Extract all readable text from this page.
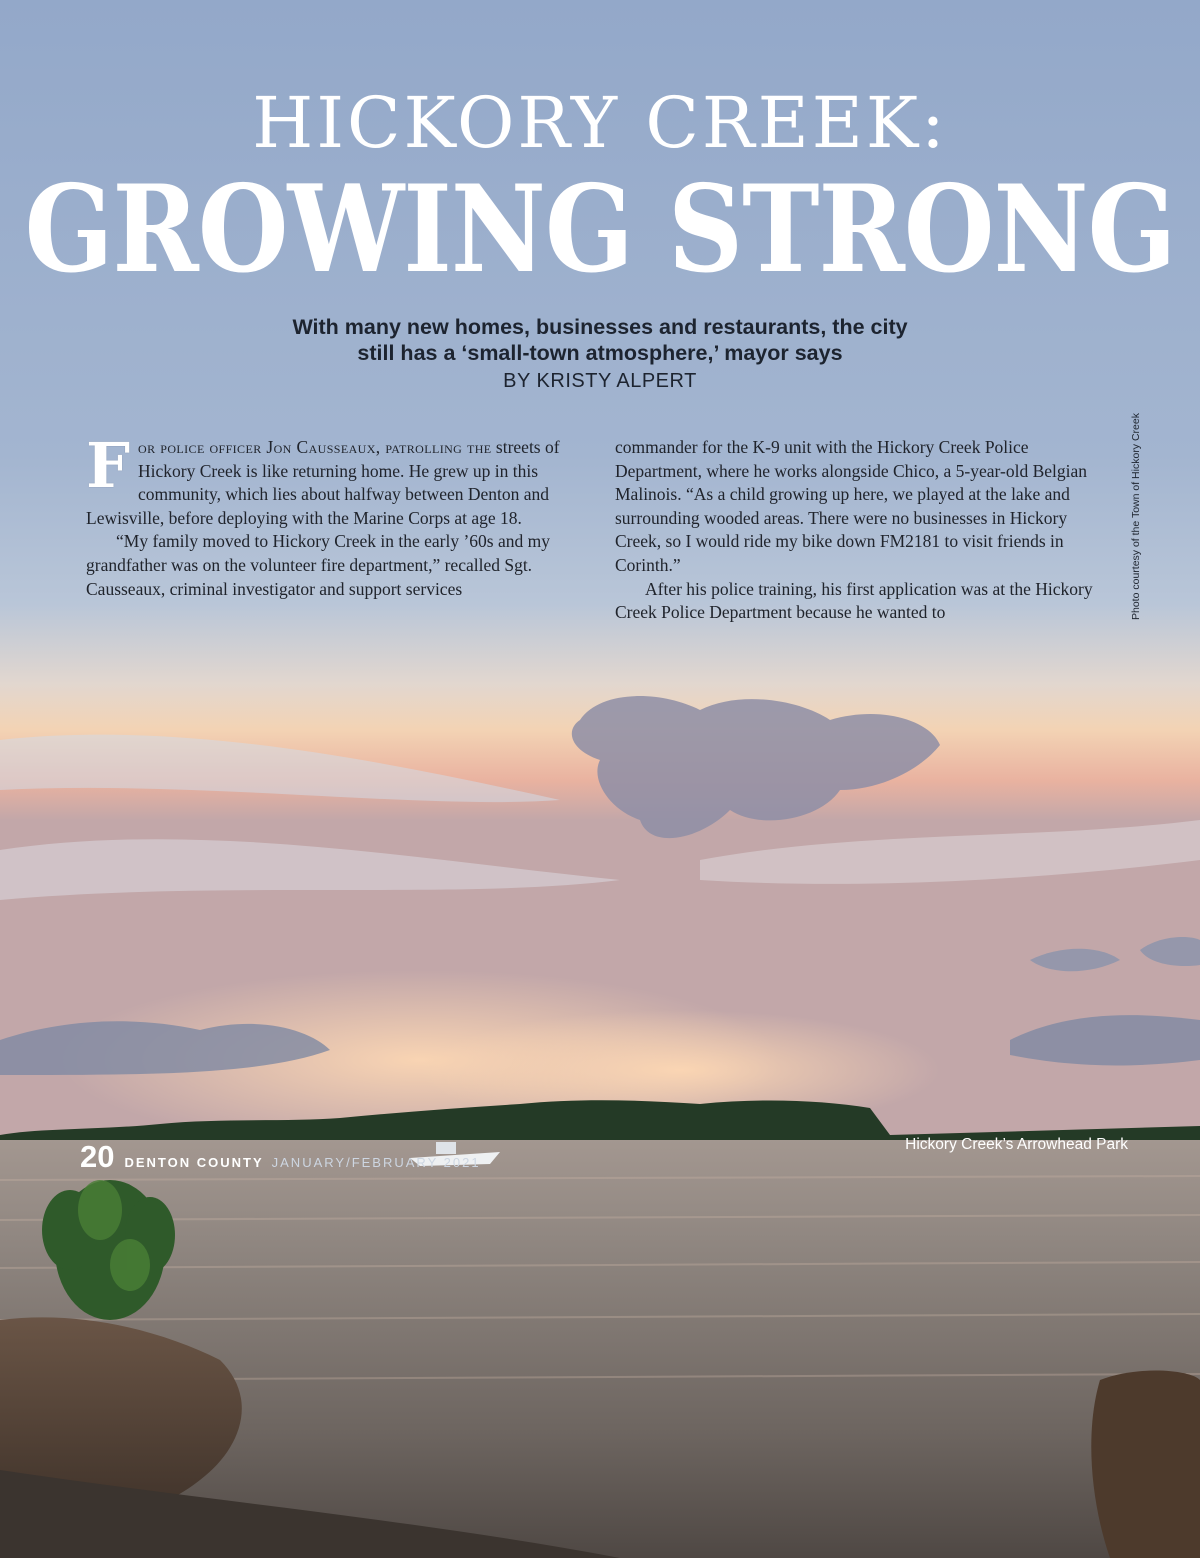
HICKORY CREEK:
GROWING STRONG
With many new homes, businesses and restaurants, the city
still has a ‘small-town atmosphere,’ mayor says
BY KRISTY ALPERT

For police officer Jon Causseaux, patrolling the streets of Hickory Creek is like returning home. He grew up in this community, which lies about halfway between Denton and Lewisville, before deploying with the Marine Corps at age 18.

“My family moved to Hickory Creek in the early ’60s and my grandfather was on the volunteer fire department,” recalled Sgt. Causseaux, criminal investigator and support services

commander for the K-9 unit with the Hickory Creek Police Department, where he works alongside Chico, a 5-year-old Belgian Malinois. “As a child growing up here, we played at the lake and surrounding wooded areas. There were no businesses in Hickory Creek, so I would ride my bike down FM2181 to visit friends in Corinth.”

After his police training, his first application was at the Hickory Creek Police Department because he wanted to	Photo courtesy of the Town of Hickory Creek
Hickory Creek’s Arrowhead Park
20 DENTON COUNTY JANUARY/FEBRUARY 2021
